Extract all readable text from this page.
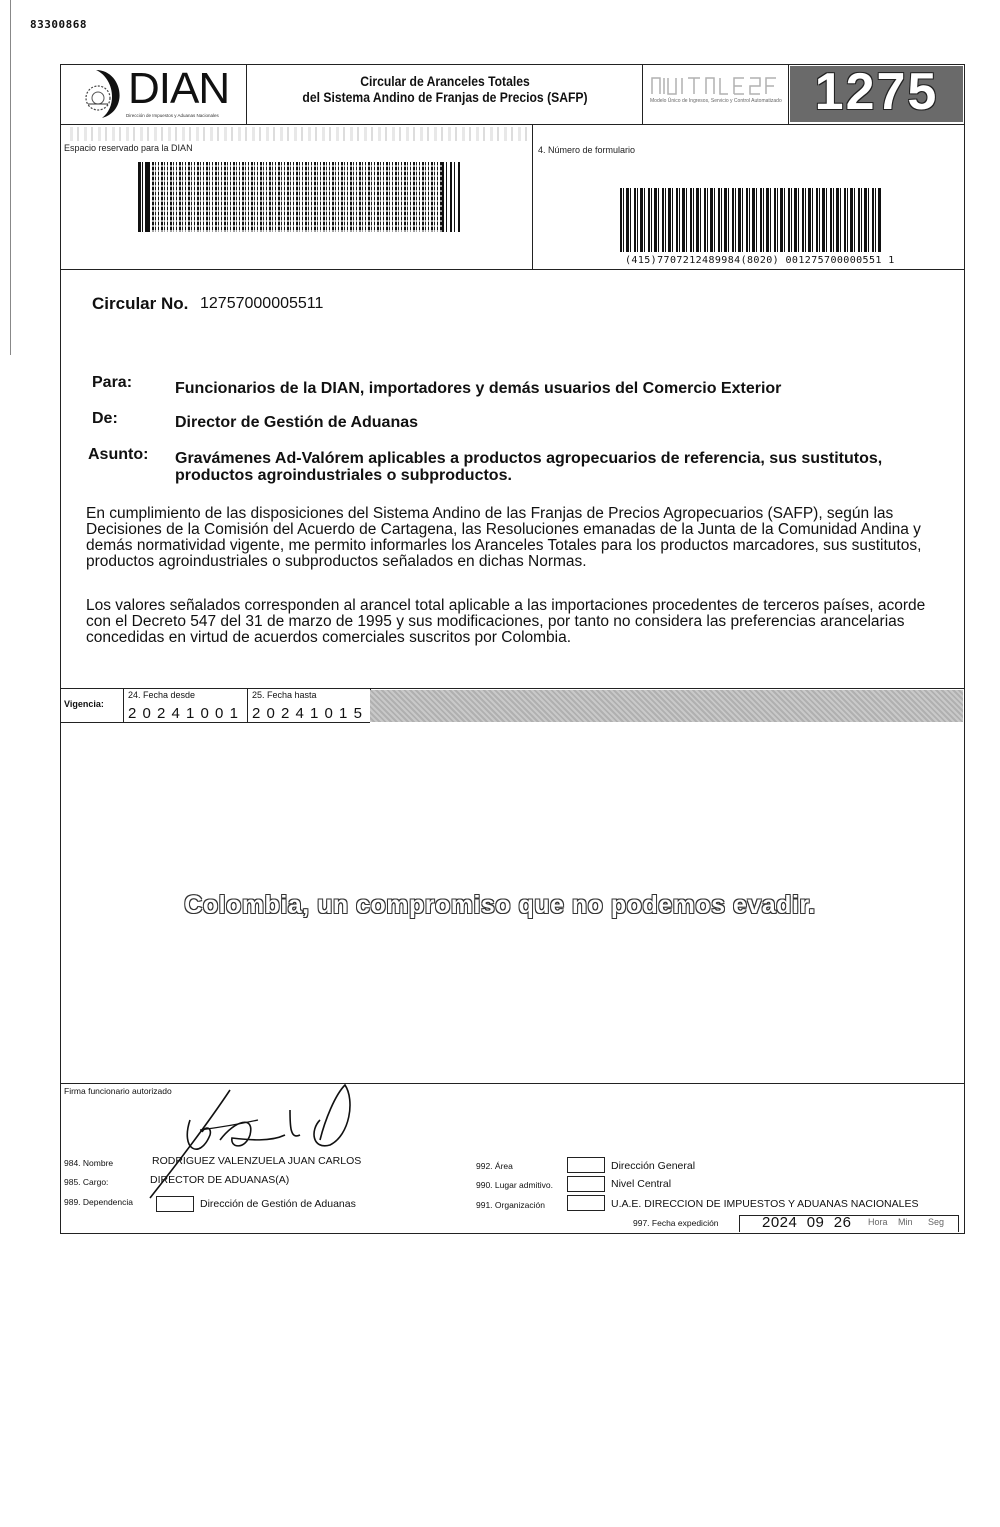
83300868
DIAN
Dirección de Impuestos y Aduanas Nacionales
Circular de Aranceles Totales
del Sistema Andino de Franjas de Precios (SAFP)	Modelo Único de Ingresos, Servicio y Control Automatizado 1275
Espacio reservado para la DIAN	4. Número de formulario
(415)7707212489984(8020) 001275700000551 1
Circular No. 12757000005511
Para:	Funcionarios de la DIAN, importadores y demás usuarios del Comercio Exterior
De:	Director de Gestión de Aduanas
Asunto: Gravámenes Ad-Valórem aplicables a productos agropecuarios de referencia, sus sustitutos,
productos agroindustriales o subproductos.
En cumplimiento de las disposiciones del Sistema Andino de las Franjas de Precios Agropecuarios (SAFP), según las
Decisiones de la Comisión del Acuerdo de Cartagena, las Resoluciones emanadas de la Junta de la Comunidad Andina y
demás normatividad vigente, me permito informarles los Aranceles Totales para los productos marcadores, sus sustitutos,
productos agroindustriales o subproductos señalados en dichas Normas.
Los valores señalados corresponden al arancel total aplicable a las importaciones procedentes de terceros países, acorde
con el Decreto 547 del 31 de marzo de 1995 y sus modificaciones, por tanto no considera las preferencias arancelarias
concedidas en virtud de acuerdos comerciales suscritos por Colombia.
Vigencia:
24. Fecha desde
2 0 2 4 1 0 0 1
25. Fecha hasta
2 0 2 4 1 0 1 5
Colombia, un compromiso que no podemos evadir.
Firma funcionario autorizado
984. Nombre	RODRIGUEZ VALENZUELA JUAN CARLOS
985. Cargo:	DIRECTOR DE ADUANAS(A)
989. Dependencia	Dirección de Gestión de Aduanas
992. Área	Dirección General
990. Lugar admitivo.	Nivel Central
991. Organización	U.A.E. DIRECCION DE IMPUESTOS Y ADUANAS NACIONALES
997. Fecha expedición	2024  09  26 Hora Min Seg
